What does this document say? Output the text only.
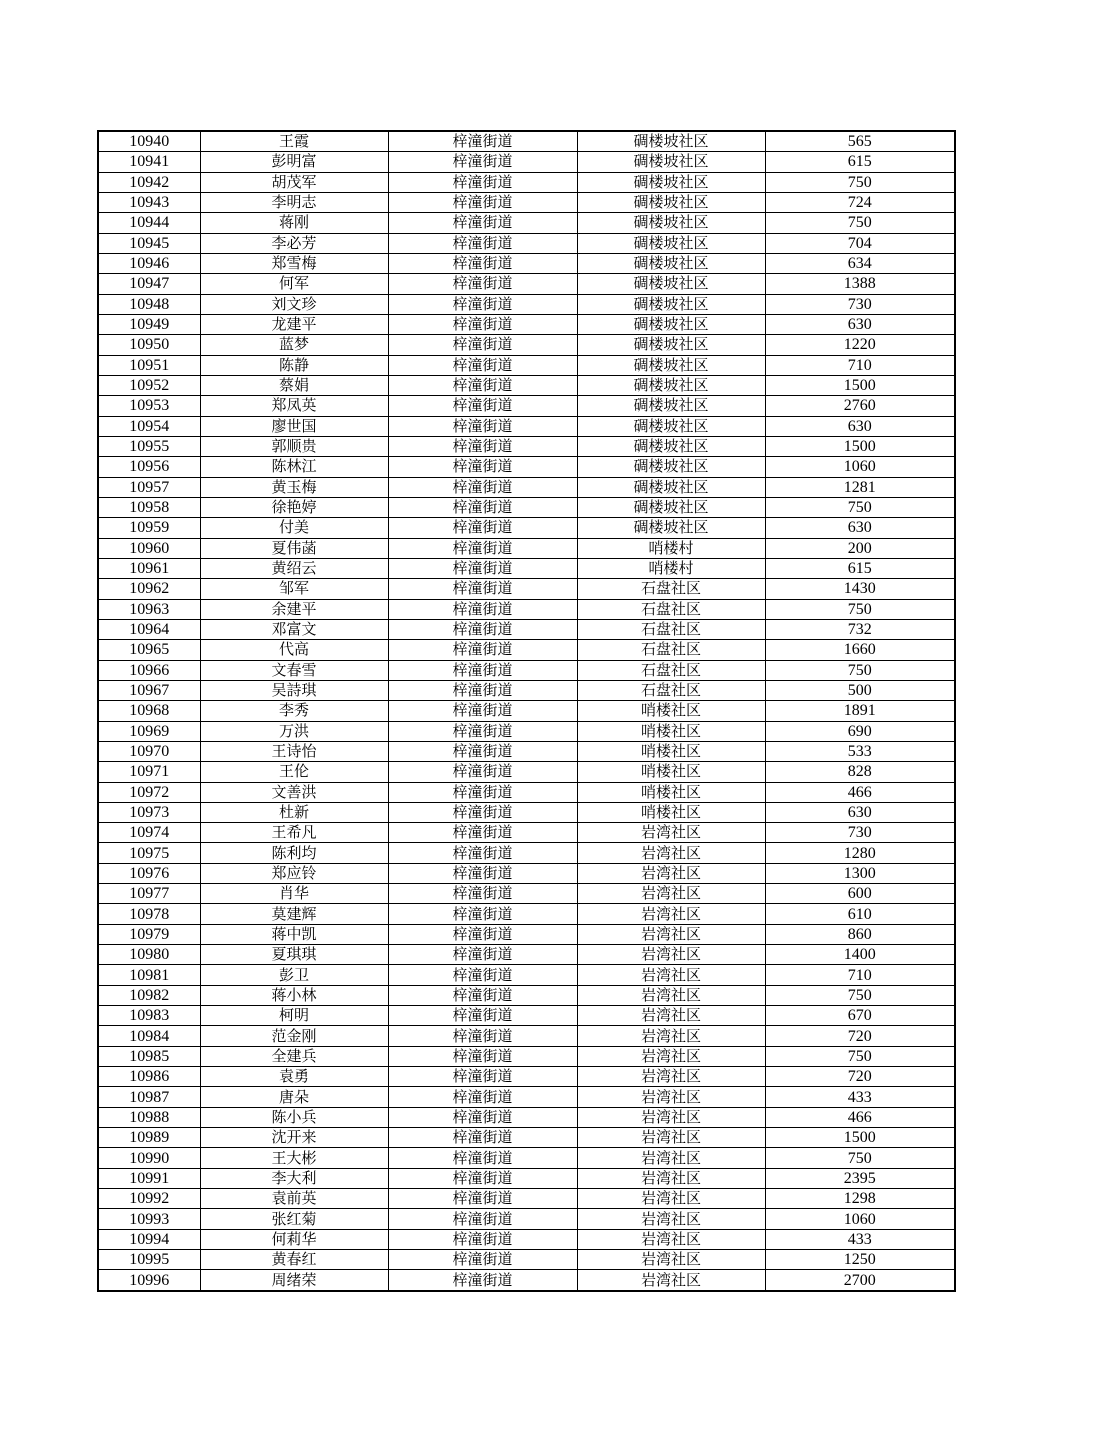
10940	王霞	梓潼街道	碉楼坡社区	565
10941	彭明富	梓潼街道	碉楼坡社区	615
10942	胡茂军	梓潼街道	碉楼坡社区	750
10943	李明志	梓潼街道	碉楼坡社区	724
10944	蒋刚	梓潼街道	碉楼坡社区	750
10945	李必芳	梓潼街道	碉楼坡社区	704
10946	郑雪梅	梓潼街道	碉楼坡社区	634
10947	何军	梓潼街道	碉楼坡社区	1388
10948	刘文珍	梓潼街道	碉楼坡社区	730
10949	龙建平	梓潼街道	碉楼坡社区	630
10950	蓝梦	梓潼街道	碉楼坡社区	1220
10951	陈静	梓潼街道	碉楼坡社区	710
10952	蔡娟	梓潼街道	碉楼坡社区	1500
10953	郑凤英	梓潼街道	碉楼坡社区	2760
10954	廖世国	梓潼街道	碉楼坡社区	630
10955	郭顺贵	梓潼街道	碉楼坡社区	1500
10956	陈林江	梓潼街道	碉楼坡社区	1060
10957	黄玉梅	梓潼街道	碉楼坡社区	1281
10958	徐艳婷	梓潼街道	碉楼坡社区	750
10959	付美	梓潼街道	碉楼坡社区	630
10960	夏伟菡	梓潼街道	哨楼村	200
10961	黄绍云	梓潼街道	哨楼村	615
10962	邹军	梓潼街道	石盘社区	1430
10963	余建平	梓潼街道	石盘社区	750
10964	邓富文	梓潼街道	石盘社区	732
10965	代高	梓潼街道	石盘社区	1660
10966	文春雪	梓潼街道	石盘社区	750
10967	吴詩琪	梓潼街道	石盘社区	500
10968	李秀	梓潼街道	哨楼社区	1891
10969	万洪	梓潼街道	哨楼社区	690
10970	王诗怡	梓潼街道	哨楼社区	533
10971	王伦	梓潼街道	哨楼社区	828
10972	文善洪	梓潼街道	哨楼社区	466
10973	杜新	梓潼街道	哨楼社区	630
10974	王希凡	梓潼街道	岩湾社区	730
10975	陈利均	梓潼街道	岩湾社区	1280
10976	郑应铃	梓潼街道	岩湾社区	1300
10977	肖华	梓潼街道	岩湾社区	600
10978	莫建辉	梓潼街道	岩湾社区	610
10979	蒋中凯	梓潼街道	岩湾社区	860
10980	夏琪琪	梓潼街道	岩湾社区	1400
10981	彭卫	梓潼街道	岩湾社区	710
10982	蒋小林	梓潼街道	岩湾社区	750
10983	柯明	梓潼街道	岩湾社区	670
10984	范金刚	梓潼街道	岩湾社区	720
10985	全建兵	梓潼街道	岩湾社区	750
10986	袁勇	梓潼街道	岩湾社区	720
10987	唐朵	梓潼街道	岩湾社区	433
10988	陈小兵	梓潼街道	岩湾社区	466
10989	沈开来	梓潼街道	岩湾社区	1500
10990	王大彬	梓潼街道	岩湾社区	750
10991	李大利	梓潼街道	岩湾社区	2395
10992	袁前英	梓潼街道	岩湾社区	1298
10993	张红菊	梓潼街道	岩湾社区	1060
10994	何莉华	梓潼街道	岩湾社区	433
10995	黄春红	梓潼街道	岩湾社区	1250
10996	周绪荣	梓潼街道	岩湾社区	2700
